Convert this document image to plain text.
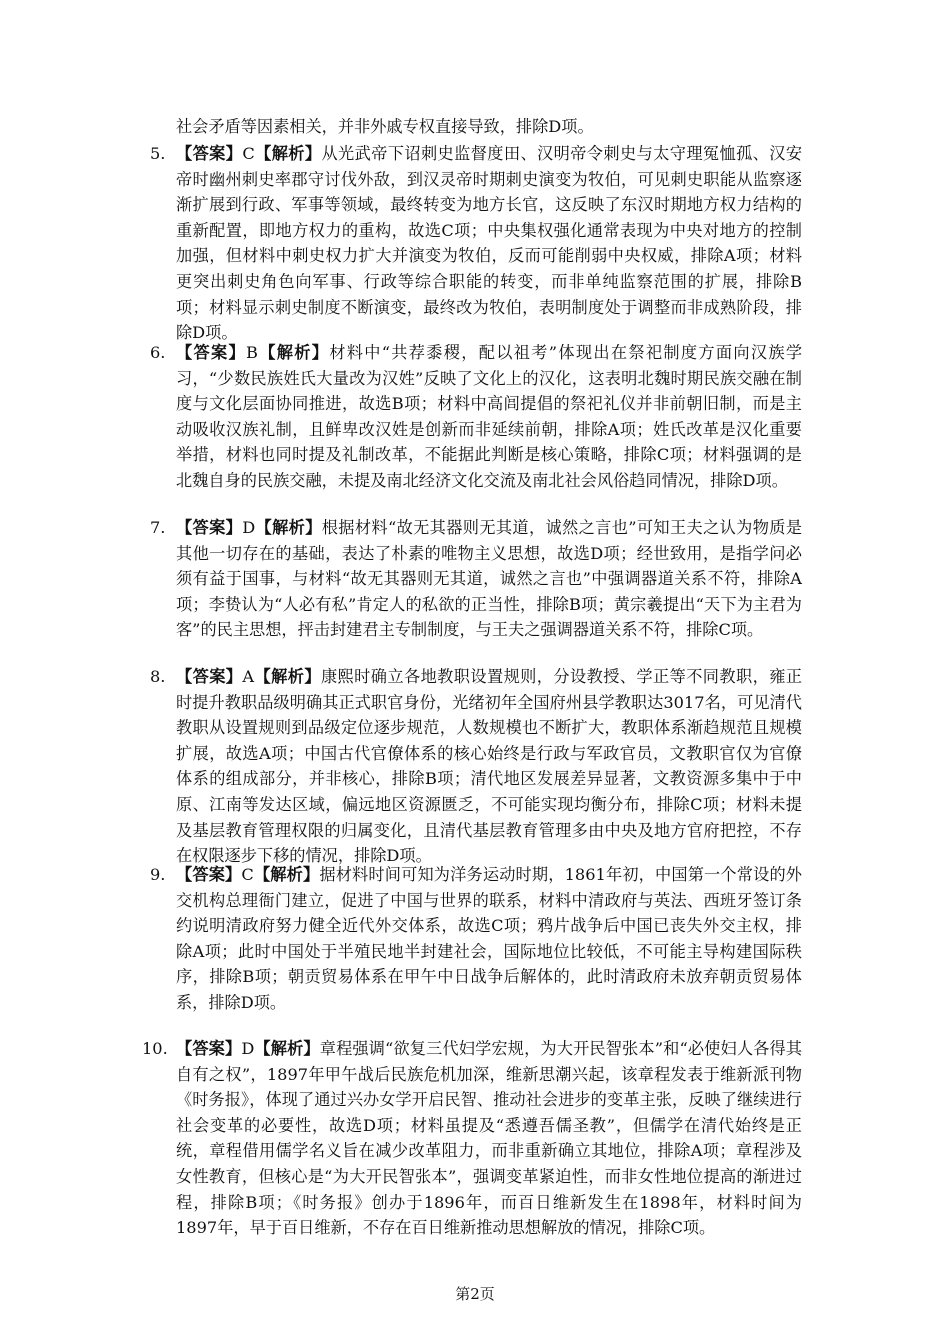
社会矛盾等因素相关，并非外戚专权直接导致，排除D项。

5. 【答案】C【解析】从光武帝下诏刺史监督度田、汉明帝令刺史与太守理冤恤孤、汉安帝时幽州刺史率郡守讨伐外敌，到汉灵帝时期刺史演变为牧伯，可见刺史职能从监察逐渐扩展到行政、军事等领域，最终转变为地方长官，这反映了东汉时期地方权力结构的重新配置，即地方权力的重构，故选C项；中央集权强化通常表现为中央对地方的控制加强，但材料中刺史权力扩大并演变为牧伯，反而可能削弱中央权威，排除A项；材料更突出刺史角色向军事、行政等综合职能的转变，而非单纯监察范围的扩展，排除B项；材料显示刺史制度不断演变，最终改为牧伯，表明制度处于调整而非成熟阶段，排除D项。

6. 【答案】B【解析】材料中“共荐黍稷，配以祖考”体现出在祭祀制度方面向汉族学习，“少数民族姓氏大量改为汉姓”反映了文化上的汉化，这表明北魏时期民族交融在制度与文化层面协同推进，故选B项；材料中高闾提倡的祭祀礼仪并非前朝旧制，而是主动吸收汉族礼制，且鲜卑改汉姓是创新而非延续前朝，排除A项；姓氏改革是汉化重要举措，材料也同时提及礼制改革，不能据此判断是核心策略，排除C项；材料强调的是北魏自身的民族交融，未提及南北经济文化交流及南北社会风俗趋同情况，排除D项。

7. 【答案】D【解析】根据材料“故无其器则无其道，诚然之言也”可知王夫之认为物质是其他一切存在的基础，表达了朴素的唯物主义思想，故选D项；经世致用，是指学问必须有益于国事，与材料“故无其器则无其道，诚然之言也”中强调器道关系不符，排除A项；李贽认为“人必有私”肯定人的私欲的正当性，排除B项；黄宗羲提出“天下为主君为客”的民主思想，抨击封建君主专制制度，与王夫之强调器道关系不符，排除C项。

8. 【答案】A【解析】康熙时确立各地教职设置规则，分设教授、学正等不同教职，雍正时提升教职品级明确其正式职官身份，光绪初年全国府州县学教职达3017名，可见清代教职从设置规则到品级定位逐步规范，人数规模也不断扩大，教职体系渐趋规范且规模扩展，故选A项；中国古代官僚体系的核心始终是行政与军政官员，文教职官仅为官僚体系的组成部分，并非核心，排除B项；清代地区发展差异显著，文教资源多集中于中原、江南等发达区域，偏远地区资源匮乏，不可能实现均衡分布，排除C项；材料未提及基层教育管理权限的归属变化，且清代基层教育管理多由中央及地方官府把控，不存在权限逐步下移的情况，排除D项。

9. 【答案】C【解析】据材料时间可知为洋务运动时期，1861年初，中国第一个常设的外交机构总理衙门建立，促进了中国与世界的联系，材料中清政府与英法、西班牙签订条约说明清政府努力健全近代外交体系，故选C项；鸦片战争后中国已丧失外交主权，排除A项；此时中国处于半殖民地半封建社会，国际地位比较低，不可能主导构建国际秩序，排除B项；朝贡贸易体系在甲午中日战争后解体的，此时清政府未放弃朝贡贸易体系，排除D项。

10. 【答案】D【解析】章程强调“欲复三代妇学宏规，为大开民智张本”和“必使妇人各得其自有之权”，1897年甲午战后民族危机加深，维新思潮兴起，该章程发表于维新派刊物《时务报》，体现了通过兴办女学开启民智、推动社会进步的变革主张，反映了继续进行社会变革的必要性，故选D项；材料虽提及“悉遵吾儒圣教”，但儒学在清代始终是正统，章程借用儒学名义旨在减少改革阻力，而非重新确立其地位，排除A项；章程涉及女性教育，但核心是“为大开民智张本”，强调变革紧迫性，而非女性地位提高的渐进过程，排除B项；《时务报》创办于1896年，而百日维新发生在1898年，材料时间为1897年，早于百日维新，不存在百日维新推动思想解放的情况，排除C项。

第2页
